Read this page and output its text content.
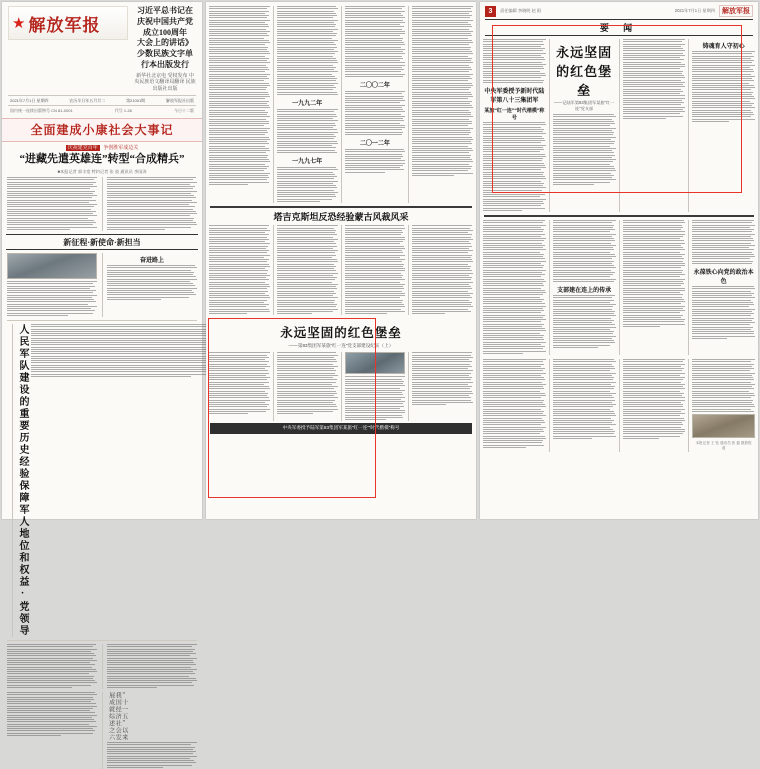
★ 解放军报
习近平总书记在庆祝中国共产党成立100周年
大会上的讲话》少数民族文字单行本出版发行
新华社北京电 受权发布 中央民族语文翻译局翻译 民族出版社出版
2021年7月1日 星期四	农历辛丑年五月廿二	第21001期	解放军报社出版
国内统一连续出版物号 CN 81-0001	代号 1-26	今日十二版
全面建成小康社会大事记
庆祝建党百年 争创胜军成边关
“进藏先遣英雄连”转型“合成精兵”
■本报记者 郭丰宽 特约记者 张 放 通讯员 李国涛
新征程·新使命·新担当
奋进路上
人民军队建设的重要历史经验保障军人地位和权益·党领导
“十一五”以来我国经济社会发展成就综述之六
一九九二年
一九九七年
二〇〇二年
二〇一二年
塔吉克斯坦反恐经验蒙古风裁风采
永远坚固的红色堡垒
——第83集团军某旅“红一连”党支部建设纪实（上）
中央军委授予陆军第83集团军某旅“红一连”“时代楷模”称号
3	责任编辑 李晓明 赵 阳	2021年7月1日 星期四	解放军报
要 闻
中央军委授予新时代陆军第八十三集团军
某旅“红一连”“时代楷模”称号
永远坚固的红色堡垒
——记陆军第83集团军某旅“红一连”党支部
铸魂育人守初心
支部建在连上的传承
永葆铁心向党的政治本色
本报记者 王 钰 通讯员 张 磊 摄影报道
